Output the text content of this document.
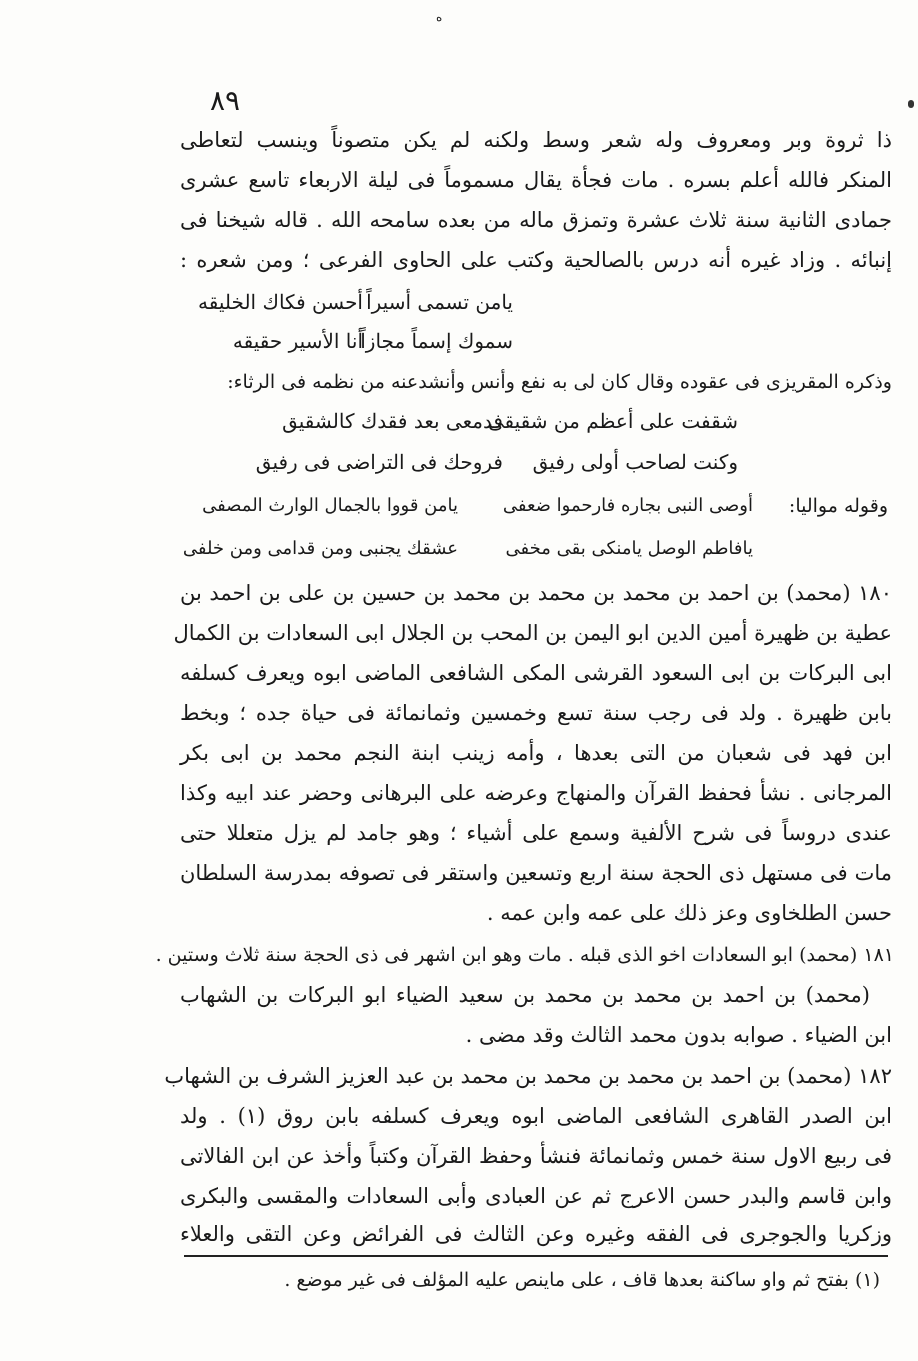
ه
٨٩
ذا ثروة وبر ومعروف وله شعر وسط ولكنه لم يكن متصوناً وينسب لتعاطى
المنكر فالله أعلم بسره . مات فجأة يقال مسموماً فى ليلة الاربعاء تاسع عشرى
جمادى الثانية سنة ثلاث عشرة وتمزق ماله من بعده سامحه الله . قاله شيخنا فى
إنبائه . وزاد غيره أنه درس بالصالحية وكتب على الحاوى الفرعى ؛ ومن شعره :
يامن تسمى أسيراً
أحسن فكاك الخليقه
سموك إسماً مجازاً
أنا الأسير حقيقه
وذكره المقريزى فى عقوده وقال كان لى به نفع وأنس وأنشدعنه من نظمه فى الرثاء:
شقفت على أعظم من شقيقى
فدمعى بعد فقدك كالشقيق
وكنت لصاحب أولى رفيق
فروحك فى التراضى فى رفيق
وقوله مواليا:
أوصى النبى بجاره فارحموا ضعفى
يامن قووا بالجمال الوارث المصفى
يافاطم الوصل يامنكى بقى مخفى
عشقك يجنبى ومن قدامى ومن خلفى
١٨٠ (محمد) بن احمد بن محمد بن محمد بن محمد بن حسين بن على بن احمد بن
عطية بن ظهيرة أمين الدين ابو اليمن بن المحب بن الجلال ابى السعادات بن الكمال
ابى البركات بن ابى السعود القرشى المكى الشافعى الماضى ابوه ويعرف كسلفه
بابن ظهيرة . ولد فى رجب سنة تسع وخمسين وثمانمائة فى حياة جده ؛ وبخط
ابن فهد فى شعبان من التى بعدها ، وأمه زينب ابنة النجم محمد بن ابى بكر
المرجانى . نشأ فحفظ القرآن والمنهاج وعرضه على البرهانى وحضر عند ابيه وكذا
عندى دروساً فى شرح الألفية وسمع على أشياء ؛ وهو جامد لم يزل متعللا حتى
مات فى مستهل ذى الحجة سنة اربع وتسعين واستقر فى تصوفه بمدرسة السلطان
حسن الطلخاوى وعز ذلك على عمه وابن عمه .
١٨١ (محمد) ابو السعادات اخو الذى قبله . مات وهو ابن اشهر فى ذى الحجة سنة ثلاث وستين .
(محمد) بن احمد بن محمد بن محمد بن سعيد الضياء ابو البركات بن الشهاب
ابن الضياء . صوابه بدون محمد الثالث وقد مضى .
١٨٢ (محمد) بن احمد بن محمد بن محمد بن محمد بن عبد العزيز الشرف بن الشهاب
ابن الصدر القاهرى الشافعى الماضى ابوه ويعرف كسلفه بابن روق (١) . ولد
فى ربيع الاول سنة خمس وثمانمائة فنشأ وحفظ القرآن وكتباً وأخذ عن ابن الفالاتى
وابن قاسم والبدر حسن الاعرج ثم عن العبادى وأبى السعادات والمقسى والبكرى
وزكريا والجوجرى فى الفقه وغيره وعن الثالث فى الفرائض وعن التقى والعلاء
(١) بفتح ثم واو ساكنة بعدها قاف ، على ماينص عليه المؤلف فى غير موضع .
